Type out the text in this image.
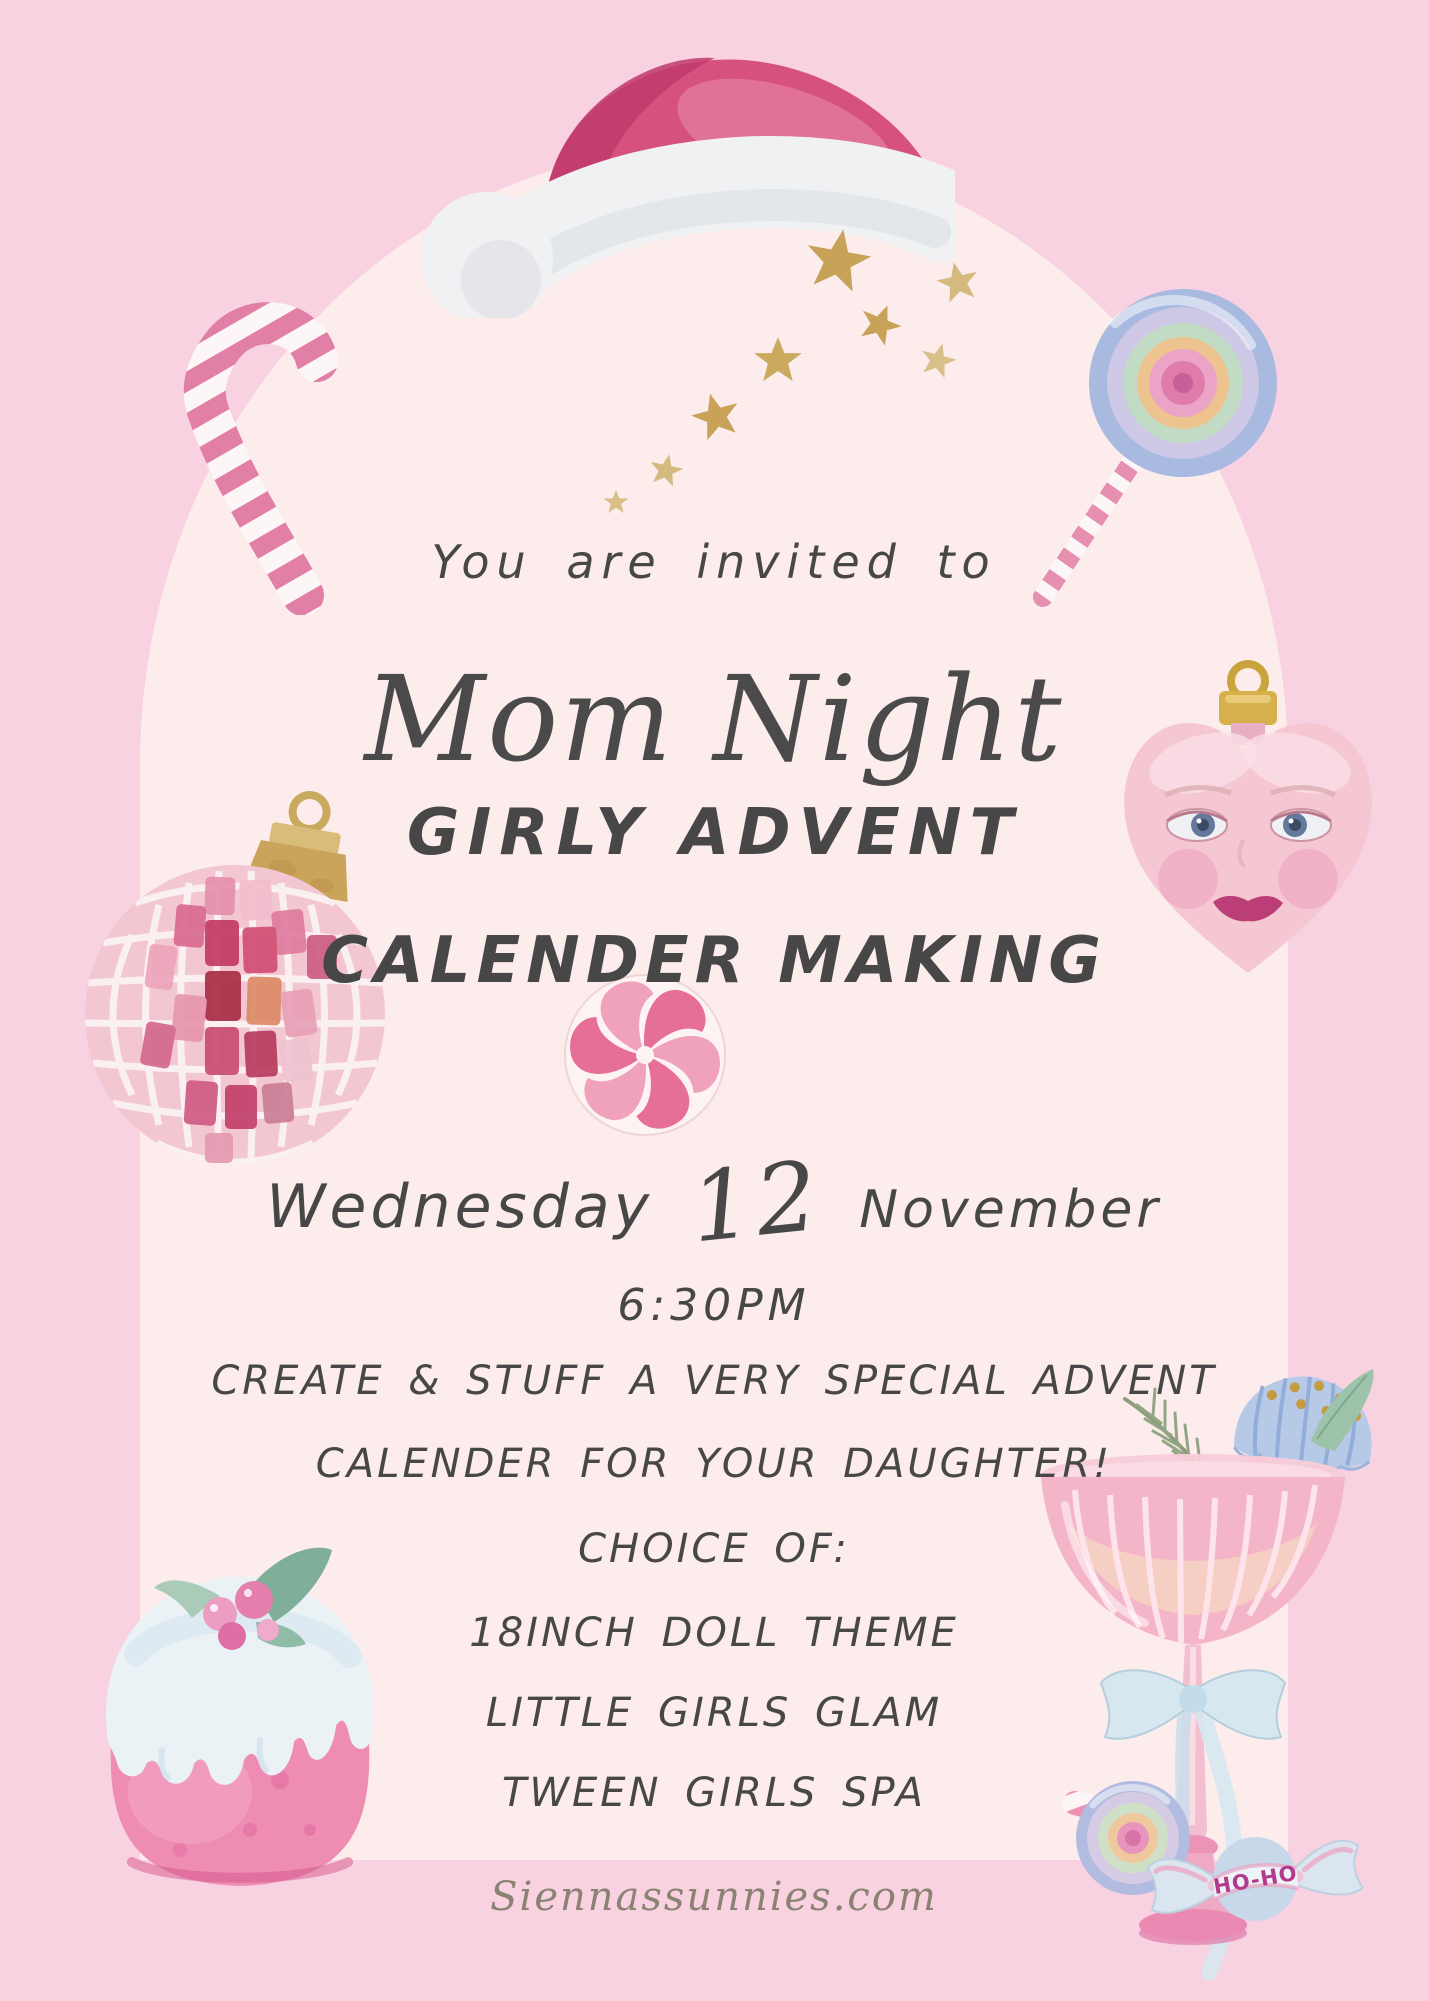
HO-HO
You are invited to
Mom Night
GIRLY ADVENT
CALENDER MAKING
Wednesday 12 November
6:30PM
CREATE & STUFF A VERY SPECIAL ADVENT
CALENDER FOR YOUR DAUGHTER!
CHOICE OF:
18INCH DOLL THEME
LITTLE GIRLS GLAM
TWEEN GIRLS SPA
Siennassunnies.com
